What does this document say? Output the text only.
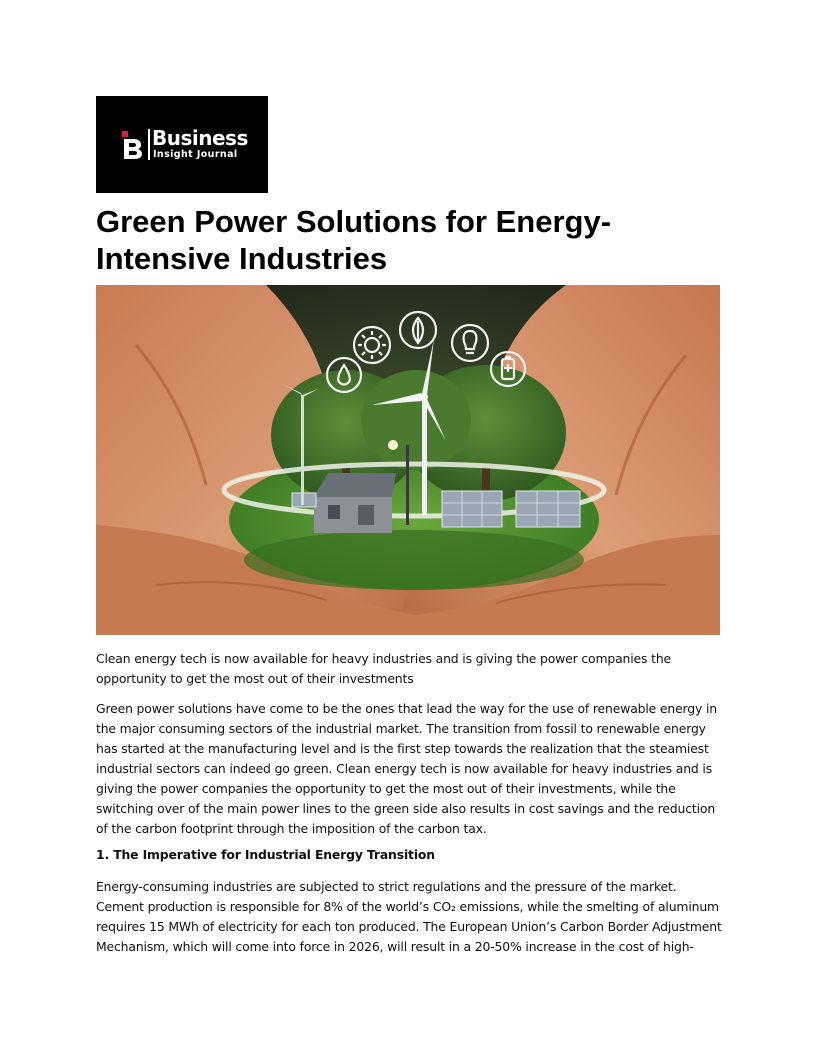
Business
Insight Journal
Green Power Solutions for Energy-Intensive Industries

Clean energy tech is now available for heavy industries and is giving the power companies the opportunity to get the most out of their investments

Green power solutions have come to be the ones that lead the way for the use of renewable energy in the major consuming sectors of the industrial market. The transition from fossil to renewable energy has started at the manufacturing level and is the first step towards the realization that the steamiest industrial sectors can indeed go green. Clean energy tech is now available for heavy industries and is giving the power companies the opportunity to get the most out of their investments, while the switching over of the main power lines to the green side also results in cost savings and the reduction of the carbon footprint through the imposition of the carbon tax.

1. The Imperative for Industrial Energy Transition

Energy-consuming industries are subjected to strict regulations and the pressure of the market. Cement production is responsible for 8% of the world’s CO₂ emissions, while the smelting of aluminum requires 15 MWh of electricity for each ton produced. The European Union’s Carbon Border Adjustment Mechanism, which will come into force in 2026, will result in a 20-50% increase in the cost of high-
